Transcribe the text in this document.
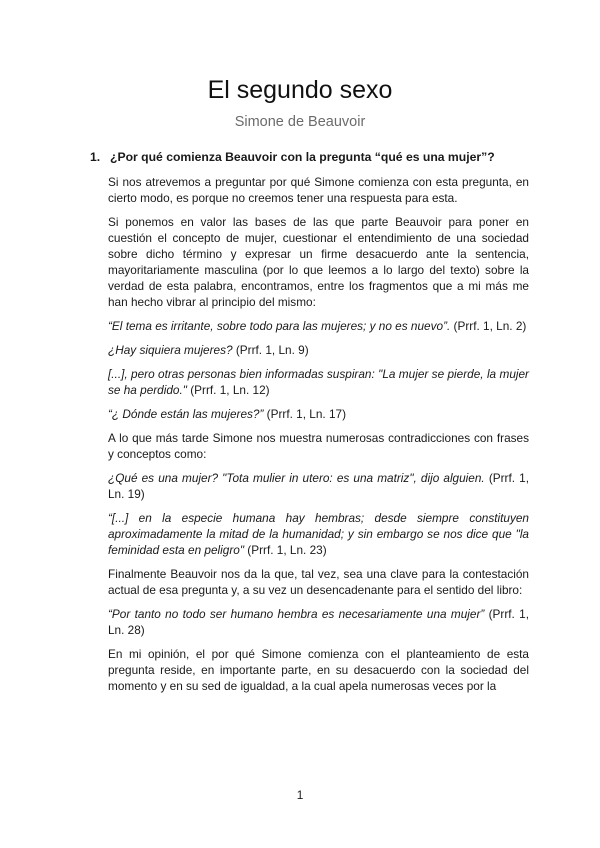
El segundo sexo
Simone de Beauvoir
1. ¿Por qué comienza Beauvoir con la pregunta “qué es una mujer”?

Si nos atrevemos a preguntar por qué Simone comienza con esta pregunta, en cierto modo, es porque no creemos tener una respuesta para esta.

Si ponemos en valor las bases de las que parte Beauvoir para poner en cuestión el concepto de mujer, cuestionar el entendimiento de una sociedad sobre dicho término y expresar un firme desacuerdo ante la sentencia, mayoritariamente masculina (por lo que leemos a lo largo del texto) sobre la verdad de esta palabra, encontramos, entre los fragmentos que a mi más me han hecho vibrar al principio del mismo:

“El tema es irritante, sobre todo para las mujeres; y no es nuevo”. (Prrf. 1, Ln. 2)

¿Hay siquiera mujeres? (Prrf. 1, Ln. 9)

[...], pero otras personas bien informadas suspiran: "La mujer se pierde, la mujer se ha perdido." (Prrf. 1, Ln. 12)

“¿ Dónde están las mujeres?” (Prrf. 1, Ln. 17)

A lo que más tarde Simone nos muestra numerosas contradicciones con frases y conceptos como:

¿Qué es una mujer? "Tota mulier in utero: es una matriz", dijo alguien. (Prrf. 1, Ln. 19)

“[...] en la especie humana hay hembras; desde siempre constituyen aproximadamente la mitad de la humanidad; y sin embargo se nos dice que "la feminidad esta en peligro" (Prrf. 1, Ln. 23)

Finalmente Beauvoir nos da la que, tal vez, sea una clave para la contestación actual de esa pregunta y, a su vez un desencadenante para el sentido del libro:

“Por tanto no todo ser humano hembra es necesariamente una mujer” (Prrf. 1, Ln. 28)

En mi opinión, el por qué Simone comienza con el planteamiento de esta pregunta reside, en importante parte, en su desacuerdo con la sociedad del momento y en su sed de igualdad, a la cual apela numerosas veces por la

1
